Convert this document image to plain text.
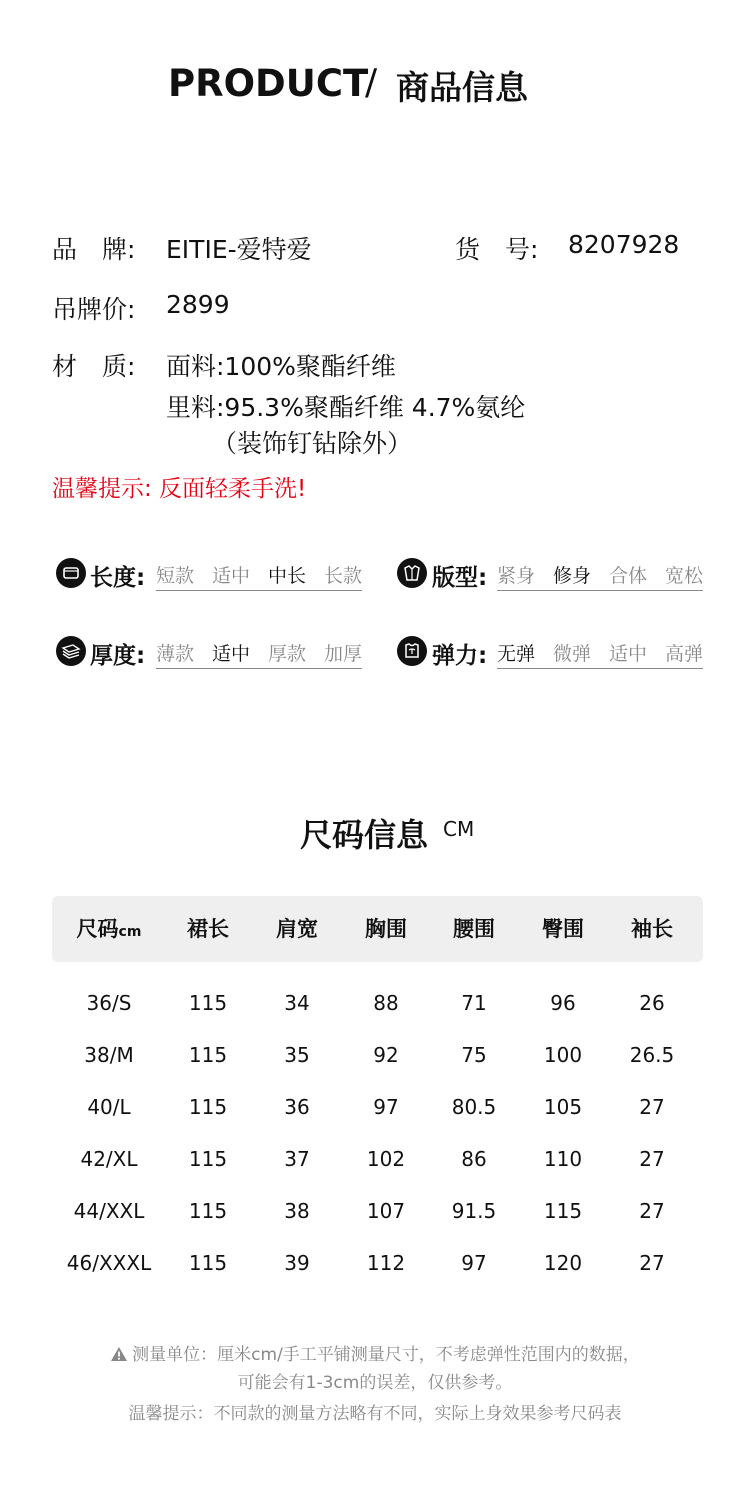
PRODUCT
/ 商品信息
品　牌: EITIE-爱特爱	货　号: 8207928
吊牌价: 2899
材　质: 面料:100%聚酯纤维
里料:95.3%聚酯纤维 4.7%氨纶
（装饰钉钻除外）
温馨提示: 反面轻柔手洗!
长度: 短款 适中 中长 长款	版型: 紧身 修身 合体 宽松
厚度: 薄款 适中 厚款 加厚	弹力: 无弹 微弹 适中 高弹
尺码信息 CM
尺码cm	裙长	肩宽	胸围	腰围	臀围	袖长
36/S	115	34	88	71	96	26
38/M	115	35	92	75	100	26.5
40/L	115	36	97	80.5	105	27
42/XL	115	37	102	86	110	27
44/XXL	115	38	107	91.5	115	27
46/XXXL	115	39	112	97	120	27
测量单位：厘米cm/手工平铺测量尺寸，不考虑弹性范围内的数据，
可能会有1-3cm的误差，仅供参考。
温馨提示：不同款的测量方法略有不同，实际上身效果参考尺码表
